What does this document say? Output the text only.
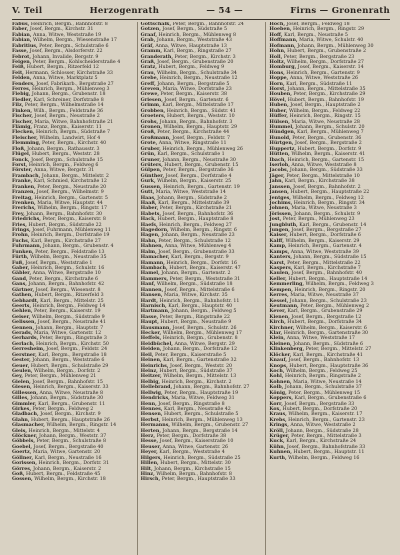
V. Teil	Herzogenrath	— 54 —	Firns — Gronenrath
Fabus, Heinrich, Bergm., Bahnhofstr. 8
Faber, Josef, Bergm., Kirchstr. 31
Fabian, Anna, Witwe, Weststraße 19
Fabian, Wilhelm, Bergm., Wiesenstraße 17
Fabritius, Peter, Bergm., Schulstraße 6
Fasse, Josef, Bergm., Alsdorferstr. 22
Febrot, Johann, Invalide, Bergstr. 9
Feigen, Peter, Bergm., Kohlscheiderstraße 4
Feiß, Hubert, Bergm., Ritzerfeld 12
Feit, Hermann, Schlosser, Kirchstraße 33
Felden, Anna, Witwe, Marktplatz 5
Fenders, Josef, Fabrikarb., Bergstraße 27
Ferres, Heinrich, Bergm., Mühlenweg 3
Fiebig, Johann, Bergm., Grubenstr. 18
Fiedler, Karl, Schreiner, Dorfstraße 8
Filz, Peter, Bergm., Wilhelmstraße 14
Finken, Wilh., Bergm., Feldstraße 36
Fischer, Josef, Bergm., Neustraße 2
Fischer, Maria, Witwe, Bahnhofstraße 21
Flämig, Franz, Bergm., Kaiserstr. 11
Flecken, Heinrich, Bergm., Südstraße 7
Fleischer, Wilhelm, Landwirt, Hof 4
Flemming, Peter, Bergm., Kirchstr. 40
Floß, Johann, Bergm., Rathausstr. 3
Flügel, Hubert, Bergm., Weststr. 28
Fonck, Josef, Bergm., Schulstraße 15
Forst, Heinrich, Bergm., Feldweg 6
Förster, Anna, Witwe, Bergstr. 31
Frambach, Johann, Bergm., Mittelstr. 2
Franke, Karl, Schmied, Kirchstraße 12
Franken, Peter, Bergm., Neustraße 20
Franzen, Josef, Bergm., Wilhelmstr. 9
Freitag, Heinrich, Bergm., Gartenstr. 5
Frenken, Maria, Witwe, Hauptstr. 44
Frerichs, Wilhelm, Bergm., Ringstr. 17
Frey, Johann, Bergm., Bahnhofstr. 30
Friedrichs, Peter, Bergm., Kaiserstr. 8
Fries, Hubert, Bergm., Südstraße 22
Frings, Josef, Fuhrmann, Mühlenweg 11
Frohn, Heinrich, Bergm., Dorfstraße 19
Fuchs, Karl, Bergm., Kirchstraße 27
Fuhrmann, Johann, Bergm., Grubenstr. 4
Funken, Peter, Bergm., Feldstraße 13
Fürth, Wilhelm, Bergm., Neustraße 35
Fuß, Josef, Bergm., Weststraße 1
Gaber, Heinrich, Bergm., Schulstr. 16
Gäbler, Anna, Witwe, Bergstraße 10
Gand, Peter, Bergm., Kirchstraße 6
Gans, Johann, Bergm., Bahnhofstr. 42
Gärtner, Josef, Bergm., Wiesenstr. 8
Gathen, Hubert, Bergm., Ritzerfeld 3
Gebhardt, Karl, Bergm., Mittelstr. 25
Geerts, Heinrich, Bergm., Feldweg 14
Gehlen, Peter, Bergm., Kaiserstr. 19
Geiser, Wilhelm, Bergm., Südstraße 9
Gelissen, Josef, Bergm., Neustraße 41
Gennen, Johann, Bergm., Hauptstr. 7
Gerads, Maria, Witwe, Gartenstr. 12
Gerhards, Peter, Bergm., Ringstraße 3
Gerlach, Heinrich, Bergm., Kirchstr. 50
Gerresheim, Josef, Bergm., Feldstr. 24
Gerstner, Karl, Bergm., Bergstraße 18
Gester, Johann, Bergm., Weststraße 6
Geuer, Hubert, Bergm., Schulstraße 29
Geulen, Wilhelm, Bergm., Dorfstr. 2
Gey, Peter, Bergm., Mühlenweg 21
Gielen, Josef, Bergm., Bahnhofstr. 15
Giesen, Heinrich, Bergm., Kaiserstr. 33
Gillessen, Anna, Witwe, Neustraße 8
Gilles, Johann, Bergm., Südstraße 30
Gimmler, Karl, Bergm., Grubenstr. 11
Girkes, Peter, Bergm., Feldweg 2
Gladbach, Josef, Bergm., Kirchstr. 9
Glahn, Hubert, Bergm., Hauptstraße 26
Glasmacher, Wilhelm, Bergm., Ringstr. 14
Gleis, Heinrich, Bergm., Mittelstr. 4
Glöckner, Johann, Bergm., Weststr. 37
Göbbels, Peter, Bergm., Schulstraße 8
Goebel, Josef, Bergm., Bergstraße 40
Goertz, Maria, Witwe, Gartenstr. 20
Göllner, Karl, Bergm., Neustraße 16
Gorissen, Heinrich, Bergm., Dorfstr. 31
Görres, Johann, Bergm., Kaiserstr. 2
Goß, Hubert, Bergm., Feldstraße 45
Gossen, Wilhelm, Bergm., Kirchstr. 18
Gottschalk, Peter, Bergm., Bahnhofstr. 24
Gotzen, Josef, Bergm., Südstraße 5
Graaf, Heinrich, Bergm., Mühlenweg 8
Grab, Johann, Bergm., Weststraße 43
Gräf, Anna, Witwe, Hauptstraße 13
Gramm, Karl, Bergm., Ringstraße 27
Granderath, Peter, Bergm., Kirchstr. 3
Graß, Josef, Bergm., Grubenstraße 20
Gratz, Hubert, Bergm., Feldweg 9
Grau, Wilhelm, Bergm., Schulstraße 34
Grebe, Heinrich, Bergm., Neustraße 12
Greff, Johann, Bergm., Bergstraße 5
Greven, Maria, Witwe, Dorfstraße 23
Grewe, Peter, Bergm., Kaiserstr. 38
Griesen, Josef, Bergm., Gartenstr. 6
Grimm, Karl, Bergm., Mittelstraße 17
Grobben, Heinrich, Bergm., Südstr. 41
Groeters, Hubert, Bergm., Weststr. 10
Grohs, Johann, Bergm., Bahnhofstr. 3
Gronen, Wilhelm, Bergm., Hauptstr. 29
Groß, Peter, Bergm., Kirchstraße 44
Großmann, Josef, Bergm., Feldstr. 7
Grote, Anna, Witwe, Ringstraße 11
Gruber, Heinrich, Bergm., Mühlenweg 26
Grün, Karl, Bergm., Schulstraße 1
Gruner, Johann, Bergm., Neustraße 30
Grüters, Hubert, Bergm., Grubenstr. 15
Gülpen, Peter, Bergm., Bergstraße 36
Günther, Josef, Bergm., Dorfstraße 4
Gurk, Wilhelm, Bergm., Kaiserstr. 25
Gussen, Heinrich, Bergm., Gartenstr. 19
Gutt, Maria, Witwe, Weststraße 14
Haas, Johann, Bergm., Südstraße 2
Haaß, Karl, Bergm., Mittelstraße 39
Haber, Peter, Bergm., Kirchstraße 21
Habets, Josef, Bergm., Bahnhofstr. 36
Hack, Hubert, Bergm., Hauptstraße 8
Haefs, Heinrich, Bergm., Feldweg 27
Hagedorn, Wilhelm, Bergm., Ringstr. 6
Hagen, Johann, Bergm., Neustraße 23
Hahn, Peter, Bergm., Schulstraße 12
Hahnen, Anna, Witwe, Mühlenweg 4
Halm, Josef, Bergm., Grubenstraße 33
Hamacher, Karl, Bergm., Bergstr. 9
Hamann, Heinrich, Bergm., Dorfstr. 16
Hambach, Hubert, Bergm., Kaiserstr. 47
Hamel, Johann, Bergm., Gartenstr. 2
Hammers, Peter, Bergm., Weststraße 31
Hanf, Wilhelm, Bergm., Südstraße 18
Hannen, Josef, Bergm., Mittelstraße 6
Hansen, Maria, Witwe, Kirchstr. 35
Hardt, Heinrich, Bergm., Bahnhofstr. 11
Harnisch, Karl, Bergm., Hauptstr. 40
Hartmann, Johann, Bergm., Feldweg 5
Hasse, Peter, Bergm., Ringstraße 22
Haupt, Hubert, Bergm., Neustraße 9
Hausmann, Josef, Bergm., Schulstr. 26
Hecker, Wilhelm, Bergm., Mühlenweg 17
Heffels, Heinrich, Bergm., Grubenstr. 8
Heidbüchel, Anna, Witwe, Bergstr. 29
Heiden, Johann, Bergm., Dorfstraße 12
Heil, Peter, Bergm., Kaiserstraße 5
Heinen, Karl, Bergm., Gartenstraße 32
Heinrichs, Josef, Bergm., Weststr. 20
Heinz, Hubert, Bergm., Südstraße 37
Heitzer, Wilhelm, Bergm., Mittelstr. 13
Helbig, Heinrich, Bergm., Kirchstr. 2
Hellebrand, Johann, Bergm., Bahnhofstr. 27
Hellwig, Peter, Bergm., Hauptstraße 19
Hendricks, Maria, Witwe, Feldweg 31
Henn, Josef, Bergm., Ringstraße 8
Hennes, Karl, Bergm., Neustraße 42
Hensen, Hubert, Bergm., Schulstraße 5
Herbst, Heinrich, Bergm., Mühlenweg 13
Hermanns, Wilhelm, Bergm., Grubenstr. 27
Herten, Johann, Bergm., Bergstraße 14
Herz, Peter, Bergm., Dorfstraße 38
Hesse, Josef, Bergm., Kaiserstraße 10
Heuser, Anna, Witwe, Gartenstr. 26
Heyer, Karl, Bergm., Weststraße 4
Hilgers, Heinrich, Bergm., Südstraße 25
Hillen, Hubert, Bergm., Mittelstr. 30
Hilt, Johann, Bergm., Kirchstraße 15
Hinz, Wilhelm, Bergm., Bahnhofstr. 8
Hirsch, Peter, Bergm., Hauptstraße 33
Hoch, Josef, Bergm., Feldweg 18
Hoeben, Heinrich, Bergm., Ringstr. 29
Hoff, Karl, Bergm., Neustraße 5
Hoffmann, Maria, Witwe, Schulstr. 40
Hofmann, Johann, Bergm., Mühlenweg 30
Hohn, Hubert, Bergm., Grubenstraße 2
Holl, Peter, Bergm., Bergstraße 23
Holtz, Wilhelm, Bergm., Dorfstraße 27
Homburg, Josef, Bergm., Kaiserstr. 14
Hons, Heinrich, Bergm., Gartenstr. 9
Hoppe, Anna, Witwe, Weststraße 26
Horn, Karl, Bergm., Südstraße 11
Horst, Johann, Bergm., Mittelstraße 35
Houben, Peter, Bergm., Kirchstraße 29
Hövel, Hubert, Bergm., Bahnhofstr. 19
Huben, Josef, Bergm., Hauptstraße 2
Huber, Wilhelm, Bergm., Feldweg 22
Hüffer, Heinrich, Bergm., Ringstr. 15
Hülsen, Maria, Witwe, Neustraße 28
Hummel, Johann, Bergm., Schulstr. 20
Hündgen, Karl, Bergm., Mühlenweg 7
Hunold, Peter, Bergm., Grubenstr. 36
Hürtgen, Josef, Bergm., Bergstraße 2
Huppertz, Hubert, Bergm., Dorfstr. 9
Hütten, Wilhelm, Bergm., Kaiserstr. 41
Ibach, Heinrich, Bergm., Gartenstr. 15
Iserloh, Anna, Witwe, Weststraße 8
Jacobs, Johann, Bergm., Südstraße 33
Jäger, Peter, Bergm., Mittelstraße 10
Jahn, Karl, Bergm., Kirchstraße 38
Janssen, Josef, Bergm., Bahnhofstr. 2
Jansen, Hubert, Bergm., Hauptstraße 22
Jentges, Wilhelm, Bergm., Feldweg 12
Jochims, Heinrich, Bergm., Ringstr. 34
Johnen, Maria, Witwe, Neustraße 3
Jörissen, Johann, Bergm., Schulstr. 9
Jost, Peter, Bergm., Mühlenweg 23
Jungbluth, Karl, Bergm., Grubenstr. 14
Jungen, Josef, Bergm., Bergstraße 27
Kaiser, Hubert, Bergm., Dorfstraße 6
Kalff, Wilhelm, Bergm., Kaiserstr. 29
Kamp, Heinrich, Bergm., Gartenstr. 4
Kamps, Anna, Witwe, Weststraße 39
Kanters, Johann, Bergm., Südstraße 15
Karst, Peter, Bergm., Mittelstraße 22
Kaspers, Karl, Bergm., Kirchstraße 7
Kaulen, Josef, Bergm., Bahnhofstr. 40
Keller, Hubert, Bergm., Hauptstraße 14
Kemmerling, Wilhelm, Bergm., Feldweg 3
Kempen, Heinrich, Bergm., Ringstr. 20
Kerres, Maria, Witwe, Neustraße 37
Kessel, Johann, Bergm., Schulstraße 23
Keutmann, Peter, Bergm., Mühlenweg 2
Kever, Karl, Bergm., Grubenstraße 29
Kienen, Josef, Bergm., Bergstraße 12
Kirch, Hubert, Bergm., Dorfstraße 34
Kirchner, Wilhelm, Bergm., Kaiserstr. 6
Klar, Heinrich, Bergm., Gartenstraße 30
Klein, Anna, Witwe, Weststraße 17
Kleinen, Johann, Bergm., Südstraße 6
Klinkenberg, Peter, Bergm., Mittelstr. 27
Klöcker, Karl, Bergm., Kirchstraße 41
Knauf, Josef, Bergm., Bahnhofstr. 13
Knops, Hubert, Bergm., Hauptstraße 36
Koch, Wilhelm, Bergm., Feldweg 25
Kohl, Heinrich, Bergm., Ringstraße 2
Kohnen, Maria, Witwe, Neustraße 14
Kolb, Johann, Bergm., Schulstraße 37
König, Peter, Bergm., Mühlenweg 15
Koppers, Karl, Bergm., Grubenstraße 6
Korr, Josef, Bergm., Bergstraße 33
Kox, Hubert, Bergm., Dorfstraße 20
Kraus, Wilhelm, Bergm., Kaiserstr. 17
Krebs, Heinrich, Bergm., Gartenstr. 23
Krings, Anna, Witwe, Weststraße 2
Kröll, Johann, Bergm., Südstraße 28
Krüger, Peter, Bergm., Mittelstraße 3
Kuck, Karl, Bergm., Kirchstraße 24
Kühn, Josef, Bergm., Bahnhofstraße 33
Kuhnen, Hubert, Bergm., Hauptstr. 11
Kurth, Wilhelm, Bergm., Feldweg 16
